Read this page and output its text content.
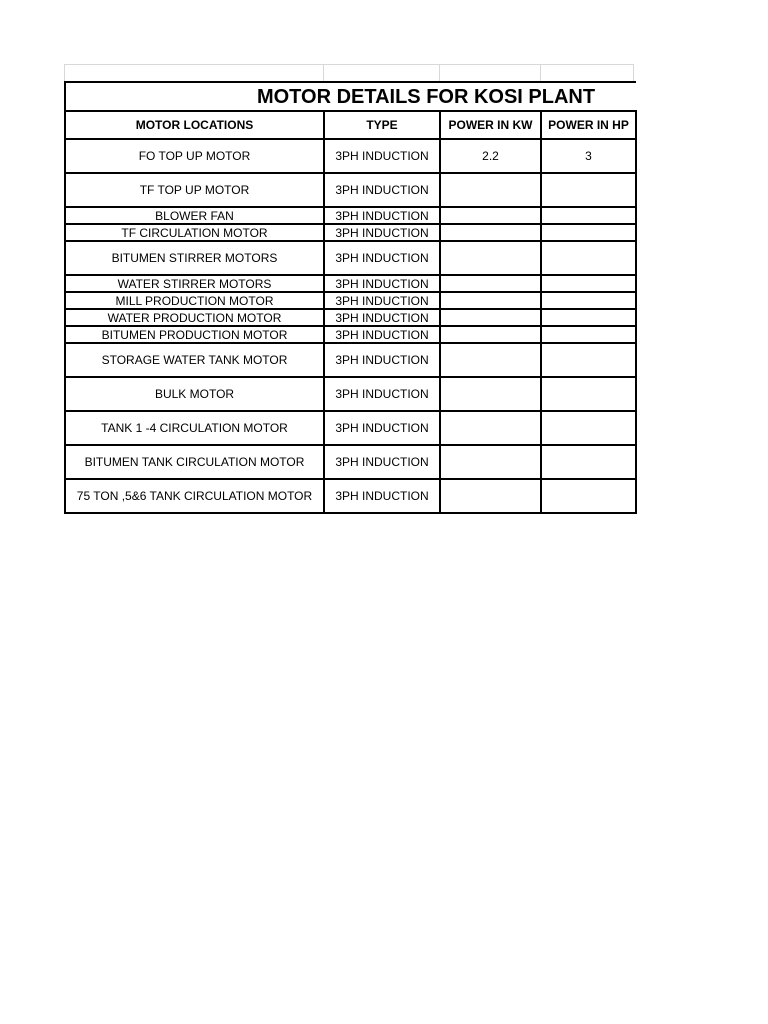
MOTOR DETAILS FOR KOSI PLANT			
MOTOR LOCATIONS	TYPE	POWER IN KW	POWER IN HP
FO TOP UP MOTOR	3PH INDUCTION	2.2	3
TF TOP UP MOTOR	3PH INDUCTION		
BLOWER FAN	3PH INDUCTION		
TF CIRCULATION MOTOR	3PH INDUCTION		
BITUMEN STIRRER MOTORS	3PH INDUCTION		
WATER STIRRER MOTORS	3PH INDUCTION		
MILL PRODUCTION MOTOR	3PH INDUCTION		
WATER PRODUCTION MOTOR	3PH INDUCTION		
BITUMEN PRODUCTION MOTOR	3PH INDUCTION		
STORAGE WATER TANK MOTOR	3PH INDUCTION		
BULK MOTOR	3PH INDUCTION		
TANK 1 -4 CIRCULATION MOTOR	3PH INDUCTION		
BITUMEN TANK CIRCULATION MOTOR	3PH INDUCTION		
75 TON ,5&6 TANK CIRCULATION MOTOR	3PH INDUCTION		
